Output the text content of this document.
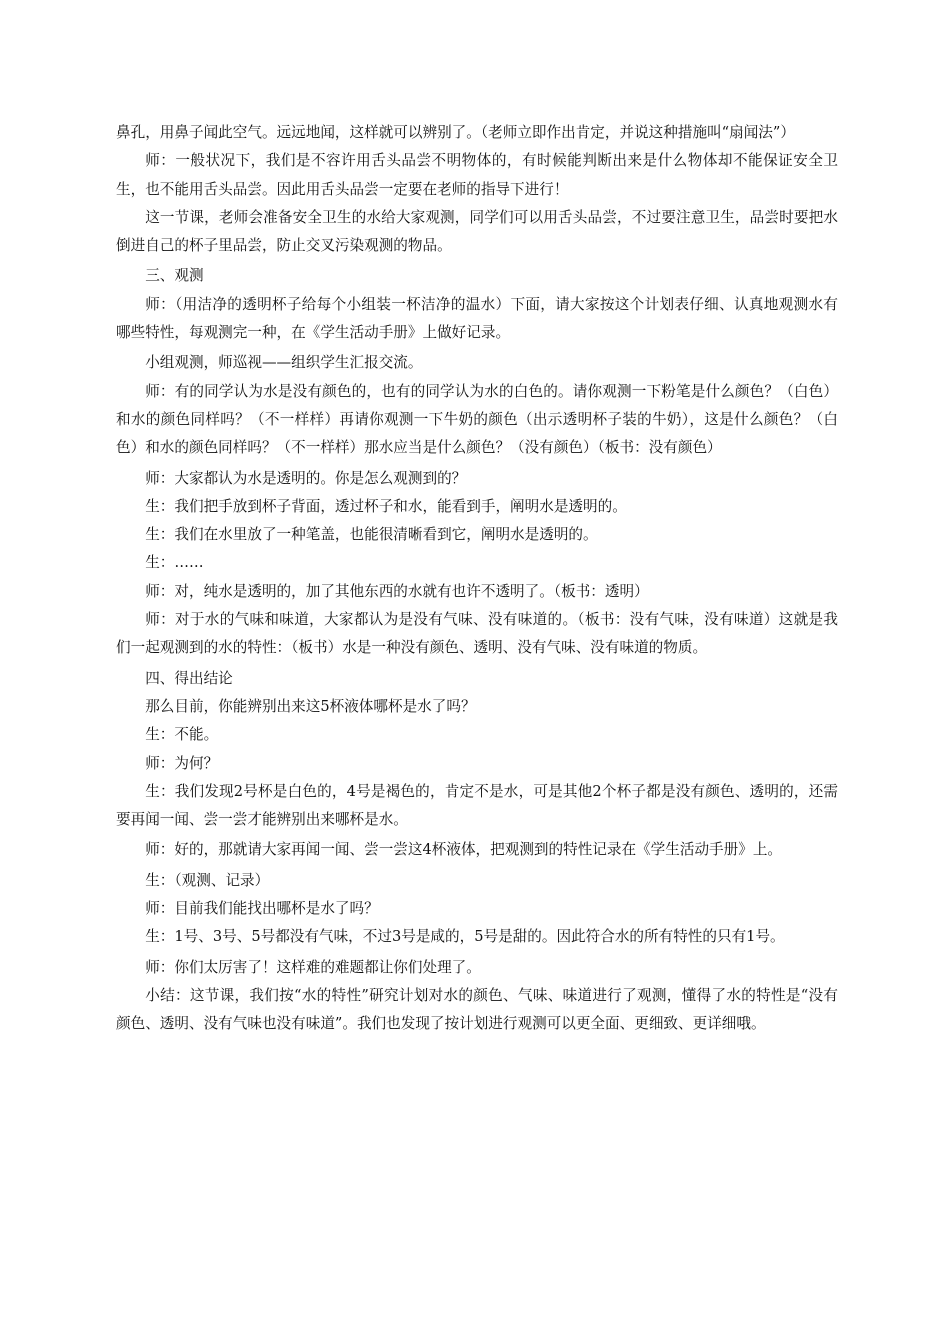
鼻孔，用鼻子闻此空气。远远地闻，这样就可以辨别了。（老师立即作出肯定，并说这种措施叫“扇闻法”）

师：一般状况下，我们是不容许用舌头品尝不明物体的，有时候能判断出来是什么物体却不能保证安全卫生，也不能用舌头品尝。因此用舌头品尝一定要在老师的指导下进行！

这一节课，老师会准备安全卫生的水给大家观测，同学们可以用舌头品尝，不过要注意卫生，品尝时要把水倒进自己的杯子里品尝，防止交叉污染观测的物品。

三、观测

师：（用洁净的透明杯子给每个小组装一杯洁净的温水）下面，请大家按这个计划表仔细、认真地观测水有哪些特性，每观测完一种，在《学生活动手册》上做好记录。

小组观测，师巡视——组织学生汇报交流。

师：有的同学认为水是没有颜色的，也有的同学认为水的白色的。请你观测一下粉笔是什么颜色？（白色）和水的颜色同样吗？（不一样样）再请你观测一下牛奶的颜色（出示透明杯子装的牛奶），这是什么颜色？（白色）和水的颜色同样吗？（不一样样）那水应当是什么颜色？（没有颜色）（板书：没有颜色）

师：大家都认为水是透明的。你是怎么观测到的？

生：我们把手放到杯子背面，透过杯子和水，能看到手，阐明水是透明的。

生：我们在水里放了一种笔盖，也能很清晰看到它，阐明水是透明的。

生：……

师：对，纯水是透明的，加了其他东西的水就有也许不透明了。（板书：透明）

师：对于水的气味和味道，大家都认为是没有气味、没有味道的。（板书：没有气味，没有味道）这就是我们一起观测到的水的特性：（板书）水是一种没有颜色、透明、没有气味、没有味道的物质。

四、得出结论

那么目前，你能辨别出来这5杯液体哪杯是水了吗？

生：不能。

师：为何？

生：我们发现2号杯是白色的，4号是褐色的，肯定不是水，可是其他2个杯子都是没有颜色、透明的，还需要再闻一闻、尝一尝才能辨别出来哪杯是水。

师：好的，那就请大家再闻一闻、尝一尝这4杯液体，把观测到的特性记录在《学生活动手册》上。

生：（观测、记录）

师：目前我们能找出哪杯是水了吗？

生：1号、3号、5号都没有气味，不过3号是咸的，5号是甜的。因此符合水的所有特性的只有1号。

师：你们太厉害了！这样难的难题都让你们处理了。

小结：这节课，我们按“水的特性”研究计划对水的颜色、气味、味道进行了观测，懂得了水的特性是“没有颜色、透明、没有气味也没有味道”。我们也发现了按计划进行观测可以更全面、更细致、更详细哦。
